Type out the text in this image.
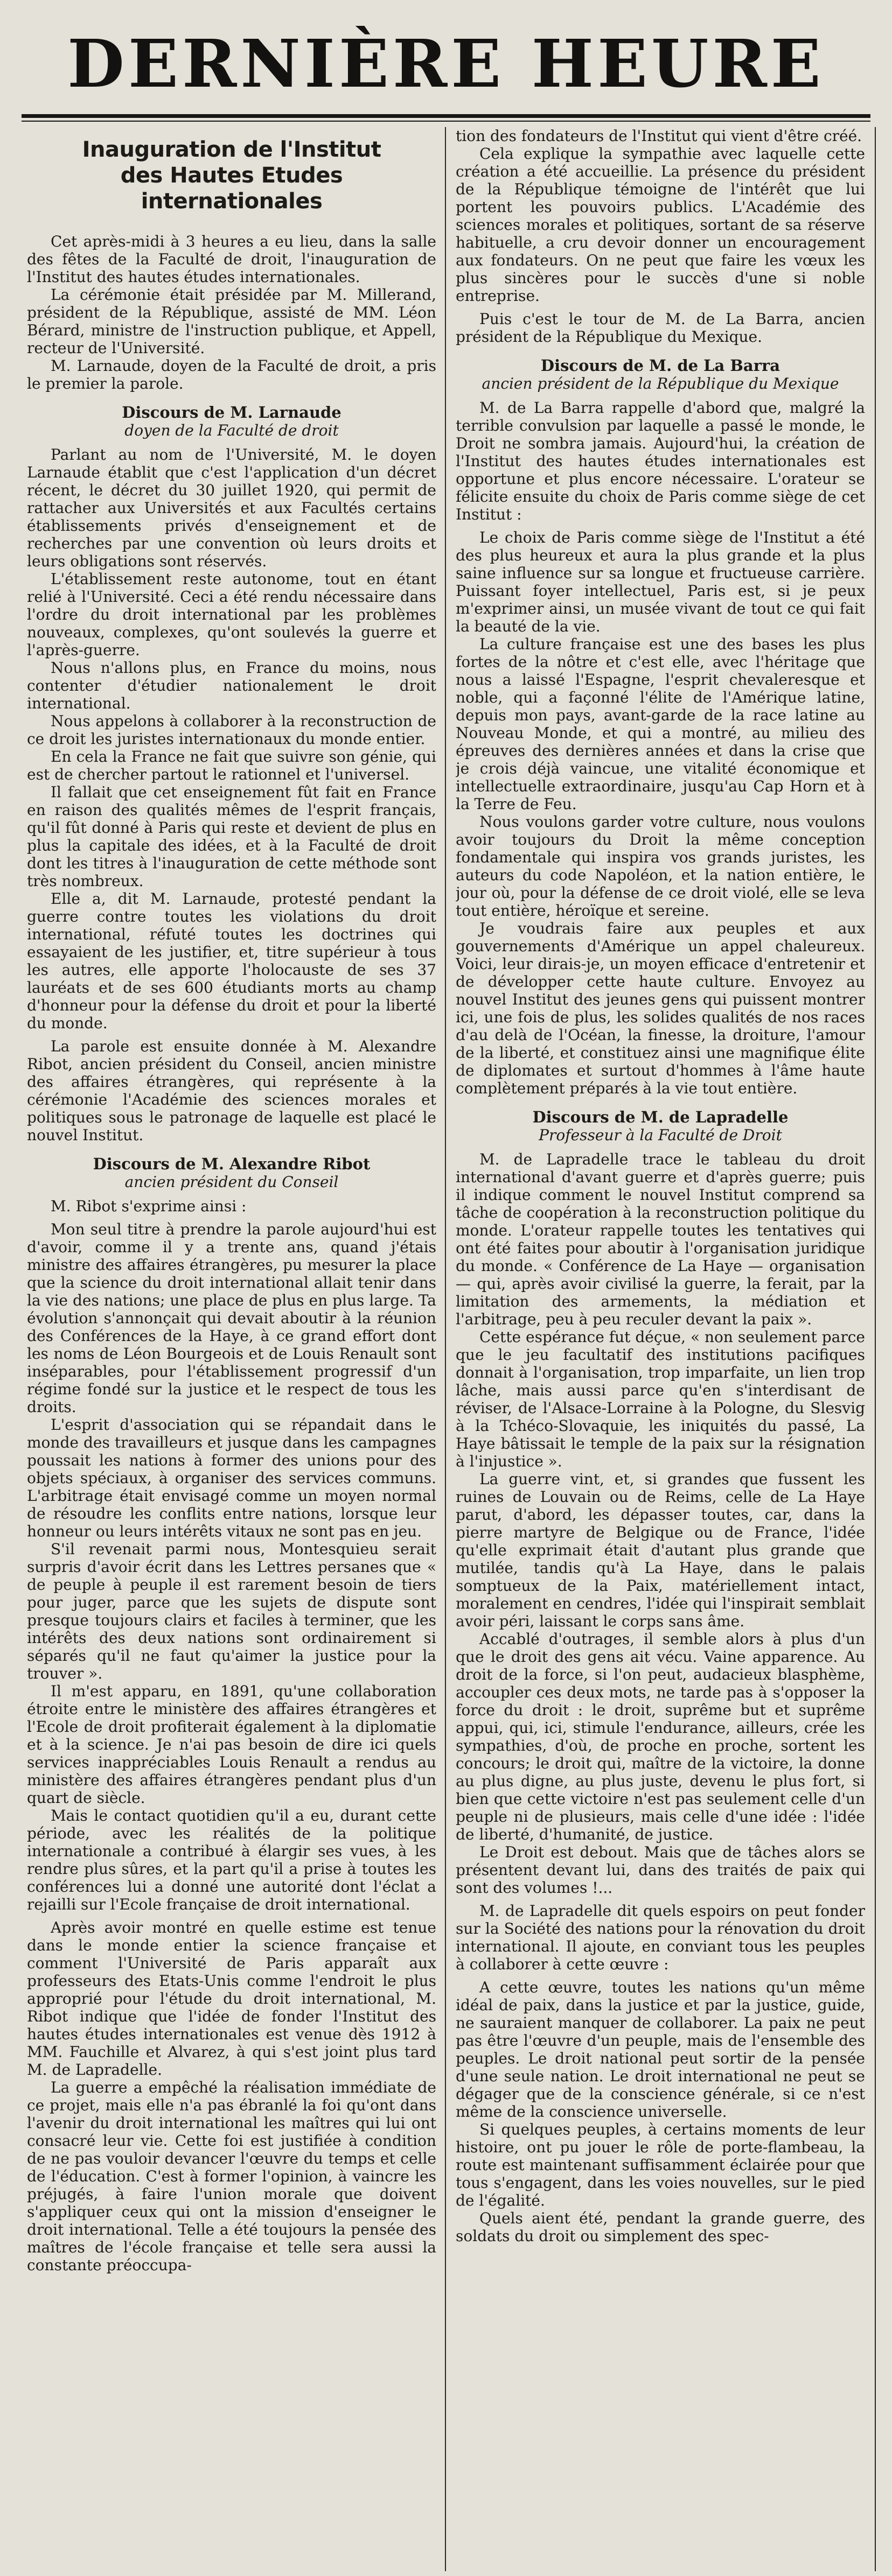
DERNIÈRE HEURE
Inauguration de l'Institut
des Hautes Etudes internationales

Cet après-midi à 3 heures a eu lieu, dans la salle des fêtes de la Faculté de droit, l'inauguration de l'Institut des hautes études internationales.

La cérémonie était présidée par M. Millerand, président de la République, assisté de MM. Léon Bérard, ministre de l'instruction publique, et Appell, recteur de l'Université.

M. Larnaude, doyen de la Faculté de droit, a pris le premier la parole.

Discours de M. Larnaude

doyen de la Faculté de droit

Parlant au nom de l'Université, M. le doyen Larnaude établit que c'est l'application d'un décret récent, le décret du 30 juillet 1920, qui permit de rattacher aux Universités et aux Facultés certains établissements privés d'enseignement et de recherches par une convention où leurs droits et leurs obligations sont réservés.

L'établissement reste autonome, tout en étant relié à l'Université. Ceci a été rendu nécessaire dans l'ordre du droit international par les problèmes nouveaux, complexes, qu'ont soulevés la guerre et l'après-guerre.

Nous n'allons plus, en France du moins, nous contenter d'étudier nationalement le droit international.

Nous appelons à collaborer à la reconstruction de ce droit les juristes internationaux du monde entier.

En cela la France ne fait que suivre son génie, qui est de chercher partout le rationnel et l'universel.

Il fallait que cet enseignement fût fait en France en raison des qualités mêmes de l'esprit français, qu'il fût donné à Paris qui reste et devient de plus en plus la capitale des idées, et à la Faculté de droit dont les titres à l'inauguration de cette méthode sont très nombreux.

Elle a, dit M. Larnaude, protesté pendant la guerre contre toutes les violations du droit international, réfuté toutes les doctrines qui essayaient de les justifier, et, titre supérieur à tous les autres, elle apporte l'holocauste de ses 37 lauréats et de ses 600 étudiants morts au champ d'honneur pour la défense du droit et pour la liberté du monde.

La parole est ensuite donnée à M. Alexandre Ribot, ancien président du Conseil, ancien ministre des affaires étrangères, qui représente à la cérémonie l'Académie des sciences morales et politiques sous le patronage de laquelle est placé le nouvel Institut.

Discours de M. Alexandre Ribot

ancien président du Conseil

M. Ribot s'exprime ainsi :

Mon seul titre à prendre la parole aujourd'hui est d'avoir, comme il y a trente ans, quand j'étais ministre des affaires étrangères, pu mesurer la place que la science du droit international allait tenir dans la vie des nations; une place de plus en plus large. Ta évolution s'annonçait qui devait aboutir à la réunion des Conférences de la Haye, à ce grand effort dont les noms de Léon Bourgeois et de Louis Renault sont inséparables, pour l'établissement progressif d'un régime fondé sur la justice et le respect de tous les droits.

L'esprit d'association qui se répandait dans le monde des travailleurs et jusque dans les campagnes poussait les nations à former des unions pour des objets spéciaux, à organiser des services communs. L'arbitrage était envisagé comme un moyen normal de résoudre les conflits entre nations, lorsque leur honneur ou leurs intérêts vitaux ne sont pas en jeu.

S'il revenait parmi nous, Montesquieu serait surpris d'avoir écrit dans les Lettres persanes que « de peuple à peuple il est rarement besoin de tiers pour juger, parce que les sujets de dispute sont presque toujours clairs et faciles à terminer, que les intérêts des deux nations sont ordinairement si séparés qu'il ne faut qu'aimer la justice pour la trouver ».

Il m'est apparu, en 1891, qu'une collaboration étroite entre le ministère des affaires étrangères et l'Ecole de droit profiterait également à la diplomatie et à la science. Je n'ai pas besoin de dire ici quels services inappréciables Louis Renault a rendus au ministère des affaires étrangères pendant plus d'un quart de siècle.

Mais le contact quotidien qu'il a eu, durant cette période, avec les réalités de la politique internationale a contribué à élargir ses vues, à les rendre plus sûres, et la part qu'il a prise à toutes les conférences lui a donné une autorité dont l'éclat a rejailli sur l'Ecole française de droit international.

Après avoir montré en quelle estime est tenue dans le monde entier la science française et comment l'Université de Paris apparaît aux professeurs des Etats-Unis comme l'endroit le plus approprié pour l'étude du droit international, M. Ribot indique que l'idée de fonder l'Institut des hautes études internationales est venue dès 1912 à MM. Fauchille et Alvarez, à qui s'est joint plus tard M. de Lapradelle.

La guerre a empêché la réalisation immédiate de ce projet, mais elle n'a pas ébranlé la foi qu'ont dans l'avenir du droit international les maîtres qui lui ont consacré leur vie. Cette foi est justifiée à condition de ne pas vouloir devancer l'œuvre du temps et celle de l'éducation. C'est à former l'opinion, à vaincre les préjugés, à faire l'union morale que doivent s'appliquer ceux qui ont la mission d'enseigner le droit international. Telle a été toujours la pensée des maîtres de l'école française et telle sera aussi la constante préoccupa-

tion des fondateurs de l'Institut qui vient d'être créé.

Cela explique la sympathie avec laquelle cette création a été accueillie. La présence du président de la République témoigne de l'intérêt que lui portent les pouvoirs publics. L'Académie des sciences morales et politiques, sortant de sa réserve habituelle, a cru devoir donner un encouragement aux fondateurs. On ne peut que faire les vœux les plus sincères pour le succès d'une si noble entreprise.

Puis c'est le tour de M. de La Barra, ancien président de la République du Mexique.

Discours de M. de La Barra

ancien président de la République du Mexique

M. de La Barra rappelle d'abord que, malgré la terrible convulsion par laquelle a passé le monde, le Droit ne sombra jamais. Aujourd'hui, la création de l'Institut des hautes études internationales est opportune et plus encore nécessaire. L'orateur se félicite ensuite du choix de Paris comme siège de cet Institut :

Le choix de Paris comme siège de l'Institut a été des plus heureux et aura la plus grande et la plus saine influence sur sa longue et fructueuse carrière. Puissant foyer intellectuel, Paris est, si je peux m'exprimer ainsi, un musée vivant de tout ce qui fait la beauté de la vie.

La culture française est une des bases les plus fortes de la nôtre et c'est elle, avec l'héritage que nous a laissé l'Espagne, l'esprit chevaleresque et noble, qui a façonné l'élite de l'Amérique latine, depuis mon pays, avant-garde de la race latine au Nouveau Monde, et qui a montré, au milieu des épreuves des dernières années et dans la crise que je crois déjà vaincue, une vitalité économique et intellectuelle extraordinaire, jusqu'au Cap Horn et à la Terre de Feu.

Nous voulons garder votre culture, nous voulons avoir toujours du Droit la même conception fondamentale qui inspira vos grands juristes, les auteurs du code Napoléon, et la nation entière, le jour où, pour la défense de ce droit violé, elle se leva tout entière, héroïque et sereine.

Je voudrais faire aux peuples et aux gouvernements d'Amérique un appel chaleureux. Voici, leur dirais-je, un moyen efficace d'entretenir et de développer cette haute culture. Envoyez au nouvel Institut des jeunes gens qui puissent montrer ici, une fois de plus, les solides qualités de nos races d'au delà de l'Océan, la finesse, la droiture, l'amour de la liberté, et constituez ainsi une magnifique élite de diplomates et surtout d'hommes à l'âme haute complètement préparés à la vie tout entière.

Discours de M. de Lapradelle

Professeur à la Faculté de Droit

M. de Lapradelle trace le tableau du droit international d'avant guerre et d'après guerre; puis il indique comment le nouvel Institut comprend sa tâche de coopération à la reconstruction politique du monde. L'orateur rappelle toutes les tentatives qui ont été faites pour aboutir à l'organisation juridique du monde. « Conférence de La Haye — organisation — qui, après avoir civilisé la guerre, la ferait, par la limitation des armements, la médiation et l'arbitrage, peu à peu reculer devant la paix ».

Cette espérance fut déçue, « non seulement parce que le jeu facultatif des institutions pacifiques donnait à l'organisation, trop imparfaite, un lien trop lâche, mais aussi parce qu'en s'interdisant de réviser, de l'Alsace-Lorraine à la Pologne, du Slesvig à la Tchéco-Slovaquie, les iniquités du passé, La Haye bâtissait le temple de la paix sur la résignation à l'injustice ».

La guerre vint, et, si grandes que fussent les ruines de Louvain ou de Reims, celle de La Haye parut, d'abord, les dépasser toutes, car, dans la pierre martyre de Belgique ou de France, l'idée qu'elle exprimait était d'autant plus grande que mutilée, tandis qu'à La Haye, dans le palais somptueux de la Paix, matériellement intact, moralement en cendres, l'idée qui l'inspirait semblait avoir péri, laissant le corps sans âme.

Accablé d'outrages, il semble alors à plus d'un que le droit des gens ait vécu. Vaine apparence. Au droit de la force, si l'on peut, audacieux blasphème, accoupler ces deux mots, ne tarde pas à s'opposer la force du droit : le droit, suprême but et suprême appui, qui, ici, stimule l'endurance, ailleurs, crée les sympathies, d'où, de proche en proche, sortent les concours; le droit qui, maître de la victoire, la donne au plus digne, au plus juste, devenu le plus fort, si bien que cette victoire n'est pas seulement celle d'un peuple ni de plusieurs, mais celle d'une idée : l'idée de liberté, d'humanité, de justice.

Le Droit est debout. Mais que de tâches alors se présentent devant lui, dans des traités de paix qui sont des volumes !...

M. de Lapradelle dit quels espoirs on peut fonder sur la Société des nations pour la rénovation du droit international. Il ajoute, en conviant tous les peuples à collaborer à cette œuvre :

A cette œuvre, toutes les nations qu'un même idéal de paix, dans la justice et par la justice, guide, ne sauraient manquer de collaborer. La paix ne peut pas être l'œuvre d'un peuple, mais de l'ensemble des peuples. Le droit national peut sortir de la pensée d'une seule nation. Le droit international ne peut se dégager que de la conscience générale, si ce n'est même de la conscience universelle.

Si quelques peuples, à certains moments de leur histoire, ont pu jouer le rôle de porte-flambeau, la route est maintenant suffisamment éclairée pour que tous s'engagent, dans les voies nouvelles, sur le pied de l'égalité.

Quels aient été, pendant la grande guerre, des soldats du droit ou simplement des spec-
